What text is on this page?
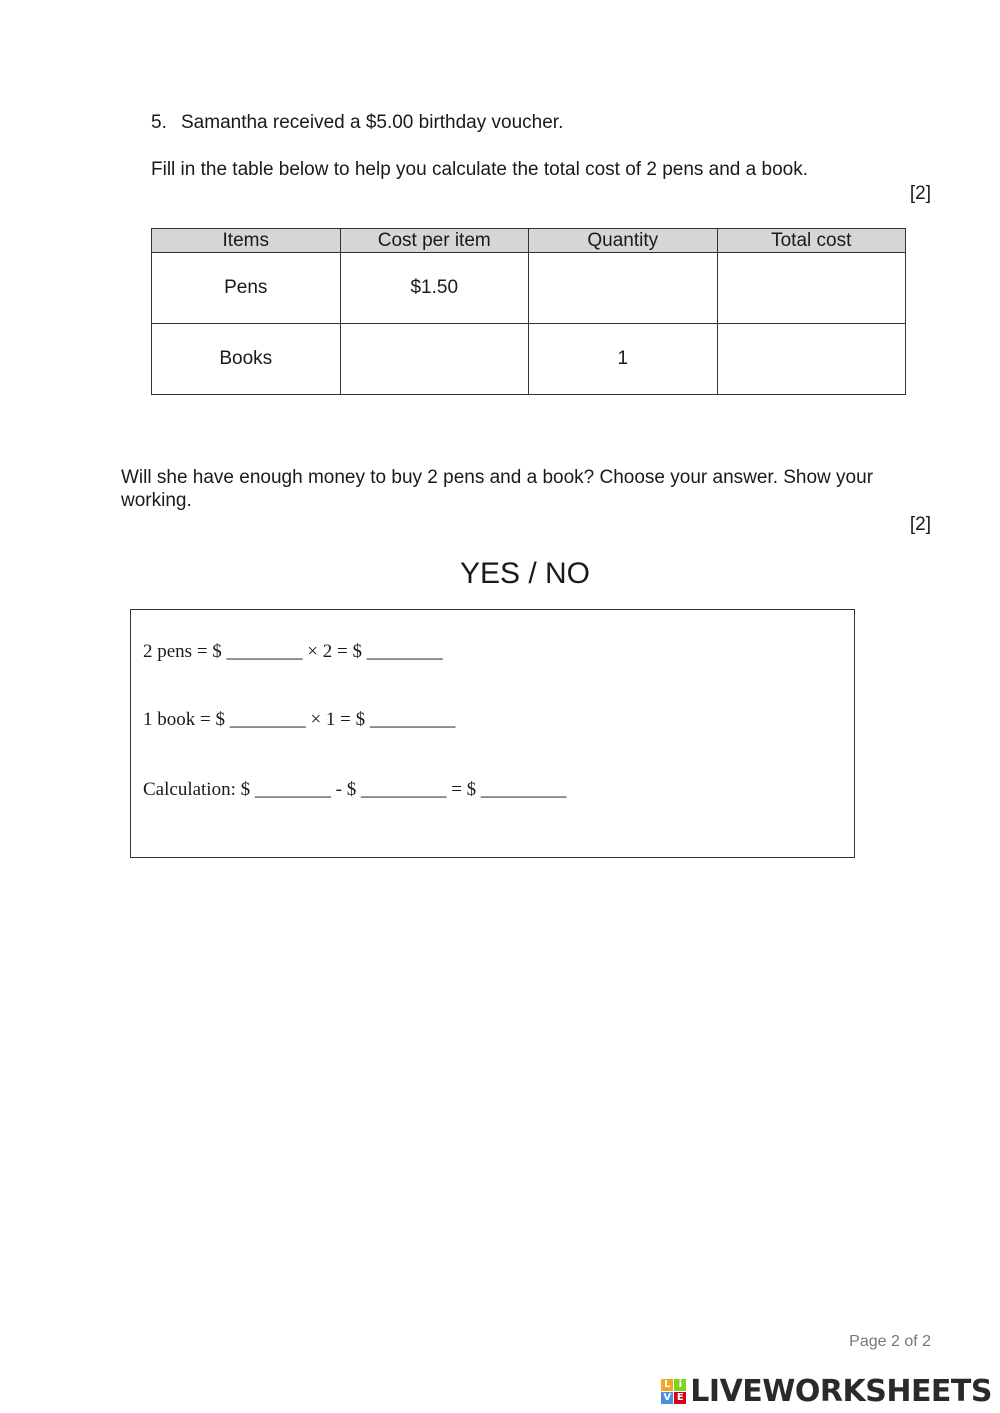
5. Samantha received a $5.00 birthday voucher.
Fill in the table below to help you calculate the total cost of 2 pens and a book.
[2]
Items	Cost per item	Quantity	Total cost
Pens	$1.50		
Books		1	
Will she have enough money to buy 2 pens and a book? Choose your answer. Show your
working.
[2]
YES / NO
2 pens = $ ________ × 2 = $ ________
1 book = $ ________ × 1 = $ _________
Calculation: $ ________ - $ _________ = $ _________
Page 2 of 2
L i
V E LIVEWORKSHEETS
